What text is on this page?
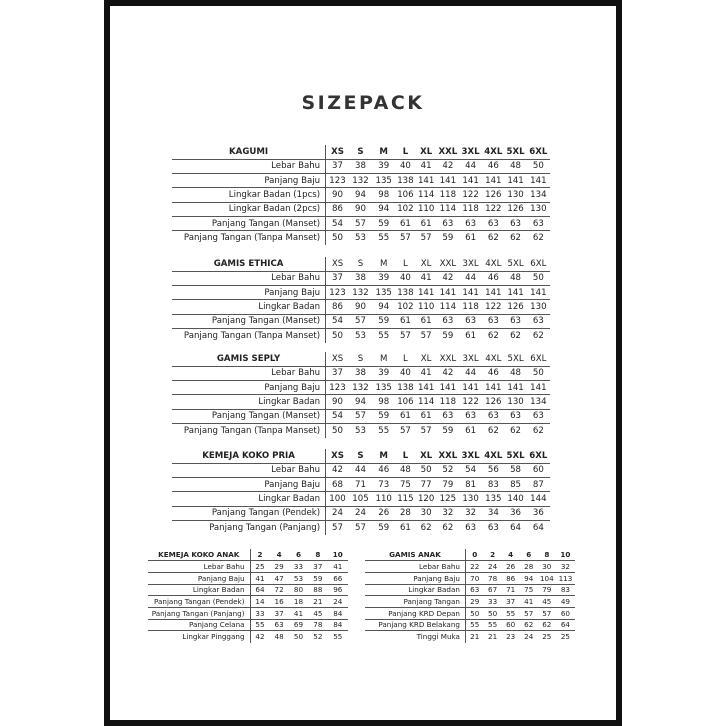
SIZEPACK
KAGUMI	XS	S	M	L	XL	XXL	3XL	4XL	5XL	6XL
Lebar Bahu	37	38	39	40	41	42	44	46	48	50
Panjang Baju	123	132	135	138	141	141	141	141	141	141
Lingkar Badan (1pcs)	90	94	98	106	114	118	122	126	130	134
Lingkar Badan (2pcs)	86	90	94	102	110	114	118	122	126	130
Panjang Tangan (Manset)	54	57	59	61	61	63	63	63	63	63
Panjang Tangan (Tanpa Manset)	50	53	55	57	57	59	61	62	62	62
GAMIS ETHICA	XS	S	M	L	XL	XXL	3XL	4XL	5XL	6XL
Lebar Bahu	37	38	39	40	41	42	44	46	48	50
Panjang Baju	123	132	135	138	141	141	141	141	141	141
Lingkar Badan	86	90	94	102	110	114	118	122	126	130
Panjang Tangan (Manset)	54	57	59	61	61	63	63	63	63	63
Panjang Tangan (Tanpa Manset)	50	53	55	57	57	59	61	62	62	62
GAMIS SEPLY	XS	S	M	L	XL	XXL	3XL	4XL	5XL	6XL
Lebar Bahu	37	38	39	40	41	42	44	46	48	50
Panjang Baju	123	132	135	138	141	141	141	141	141	141
Lingkar Badan	90	94	98	106	114	118	122	126	130	134
Panjang Tangan (Manset)	54	57	59	61	61	63	63	63	63	63
Panjang Tangan (Tanpa Manset)	50	53	55	57	57	59	61	62	62	62
KEMEJA KOKO PRIA	XS	S	M	L	XL	XXL	3XL	4XL	5XL	6XL
Lebar Bahu	42	44	46	48	50	52	54	56	58	60
Panjang Baju	68	71	73	75	77	79	81	83	85	87
Lingkar Badan	100	105	110	115	120	125	130	135	140	144
Panjang Tangan (Pendek)	24	24	26	28	30	32	32	34	36	36
Panjang Tangan (Panjang)	57	57	59	61	62	62	63	63	64	64
KEMEJA KOKO ANAK	2	4	6	8	10
Lebar Bahu	25	29	33	37	41
Panjang Baju	41	47	53	59	66
Lingkar Badan	64	72	80	88	96
Panjang Tangan (Pendek)	14	16	18	21	24
Panjang Tangan (Panjang)	33	37	41	45	84
Panjang Celana	55	63	69	78	84
Lingkar Pinggang	42	48	50	52	55
GAMIS ANAK	0	2	4	6	8	10
Lebar Bahu	22	24	26	28	30	32
Panjang Baju	70	78	86	94	104	113
Lingkar Badan	63	67	71	75	79	83
Panjang Tangan	29	33	37	41	45	49
Panjang KRD Depan	50	50	55	57	57	60
Panjang KRD Belakang	55	55	60	62	62	64
Tinggi Muka	21	21	23	24	25	25
